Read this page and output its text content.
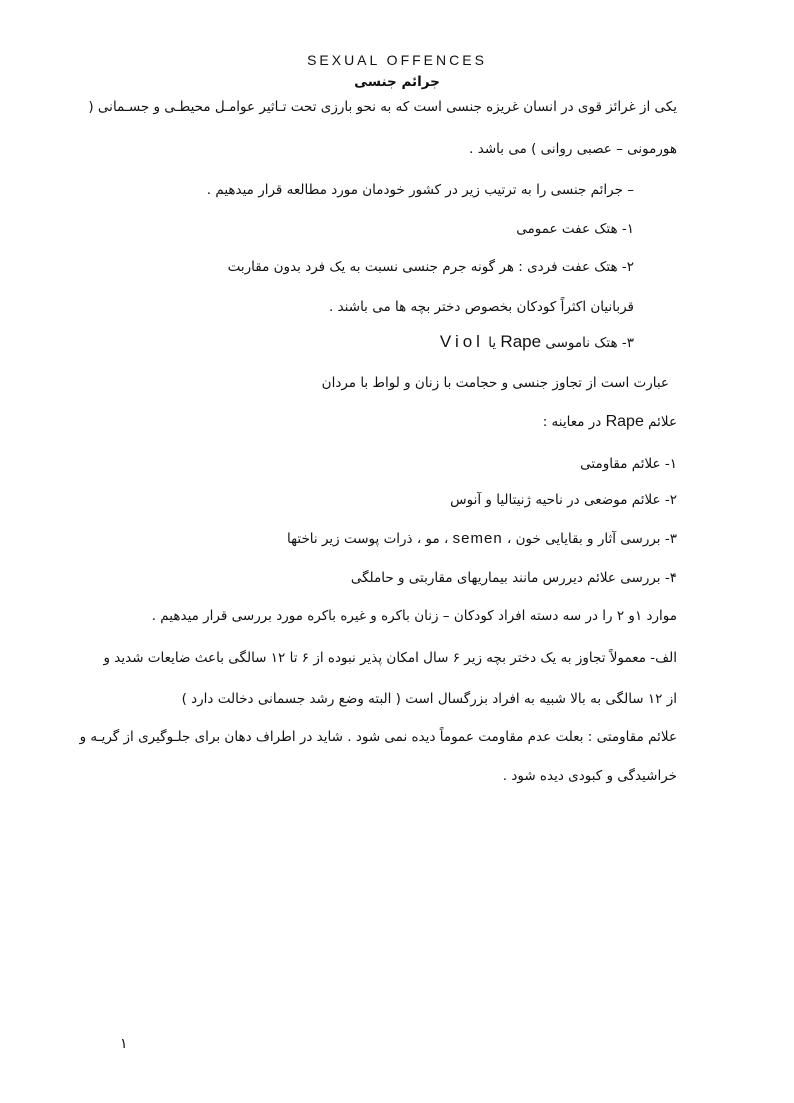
SEXUAL OFFENCES
جرائم جنسی
یکی از غرائز قوی در انسان غریزه جنسی است که به نحو بارزی تحت تـاثیر عوامـل محیطـی و جسـمانی (
هورمونی – عصبی روانی ) می باشد .
– جرائم جنسی را به ترتیب زیر در کشور خودمان مورد مطالعه قرار میدهیم .
۱- هتک عفت عمومی
۲- هتک عفت فردی : هر گونه جرم جنسی نسبت به یک فرد بدون مقاربت
قربانیان اکثراً کودکان بخصوص دختر بچه ها می باشند .
۳- هتک ناموسی Rape یا Viol
عبارت است از تجاوز جنسی و حجامت با زنان و لواط با مردان
علائم Rape در معاینه :
۱- علائم مقاومتی
۲- علائم موضعی در ناحیه ژنیتالیا و آنوس
۳- بررسی آثار و بقایایی خون ، semen ، مو ، ذرات پوست زیر ناختها
۴- بررسی علائم دیررس مانند بیماریهای مقاربتی و حاملگی
موارد ۱و ۲ را در سه دسته افراد کودکان – زنان باکره و غیره باکره مورد بررسی قرار میدهیم .
الف- معمولاً تجاوز به یک دختر بچه زیر ۶ سال امکان پذیر نبوده از ۶ تا ۱۲ سالگی باعث ضایعات شدید و
از ۱۲ سالگی به بالا شبیه به افراد بزرگسال است ( البته وضع رشد جسمانی دخالت دارد )
علائم مقاومتی : بعلت عدم مقاومت عموماً دیده نمی شود . شاید در اطراف دهان برای جلـوگیری از گریـه و
خراشیدگی و کبودی دیده شود .
۱
